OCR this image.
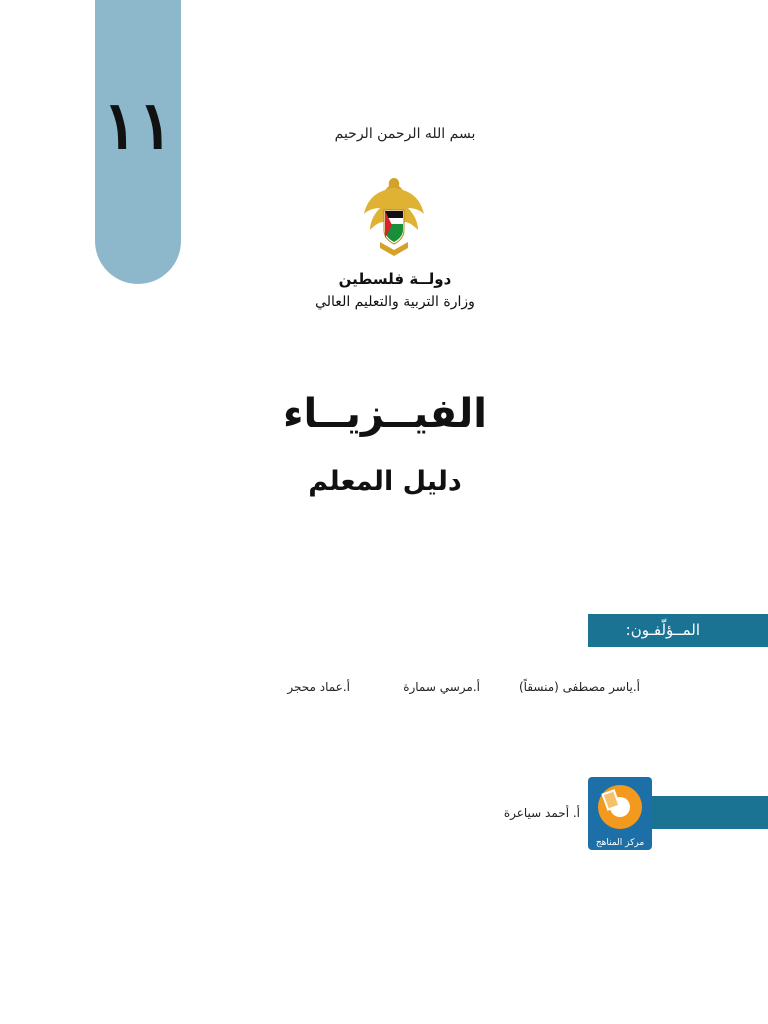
١١	بسم الله الرحمن الرحيم
دولــة فلسطين
وزارة التربية والتعليم العالي
الفيــزيــاء
دليل المعلم
المــؤلّفـون:
أ.ياسر مصطفى (منسقاً)
أ.مرسي سمارة
أ.عماد محجر
مركز المناهج
أ. أحمد سياعرة
